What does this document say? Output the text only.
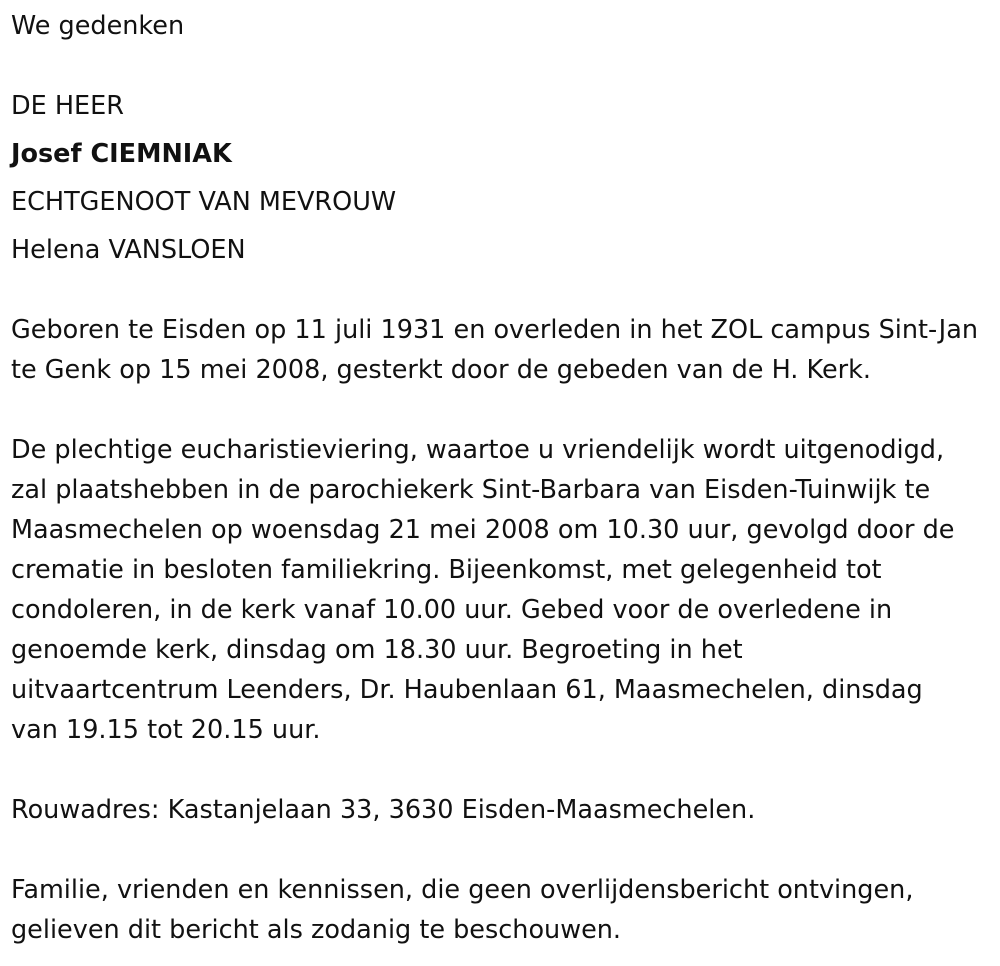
We gedenken
DE HEER
Josef CIEMNIAK
ECHTGENOOT VAN MEVROUW
Helena VANSLOEN
Geboren te Eisden op 11 juli 1931 en overleden in het ZOL campus Sint-Jan
te Genk op 15 mei 2008, gesterkt door de gebeden van de H. Kerk.
De plechtige eucharistieviering, waartoe u vriendelijk wordt uitgenodigd,
zal plaatshebben in de parochiekerk Sint-Barbara van Eisden-Tuinwijk te
Maasmechelen op woensdag 21 mei 2008 om 10.30 uur, gevolgd door de
crematie in besloten familiekring. Bijeenkomst, met gelegenheid tot
condoleren, in de kerk vanaf 10.00 uur. Gebed voor de overledene in
genoemde kerk, dinsdag om 18.30 uur. Begroeting in het
uitvaartcentrum Leenders, Dr. Haubenlaan 61, Maasmechelen, dinsdag
van 19.15 tot 20.15 uur.
Rouwadres: Kastanjelaan 33, 3630 Eisden-Maasmechelen.
Familie, vrienden en kennissen, die geen overlijdensbericht ontvingen,
gelieven dit bericht als zodanig te beschouwen.
